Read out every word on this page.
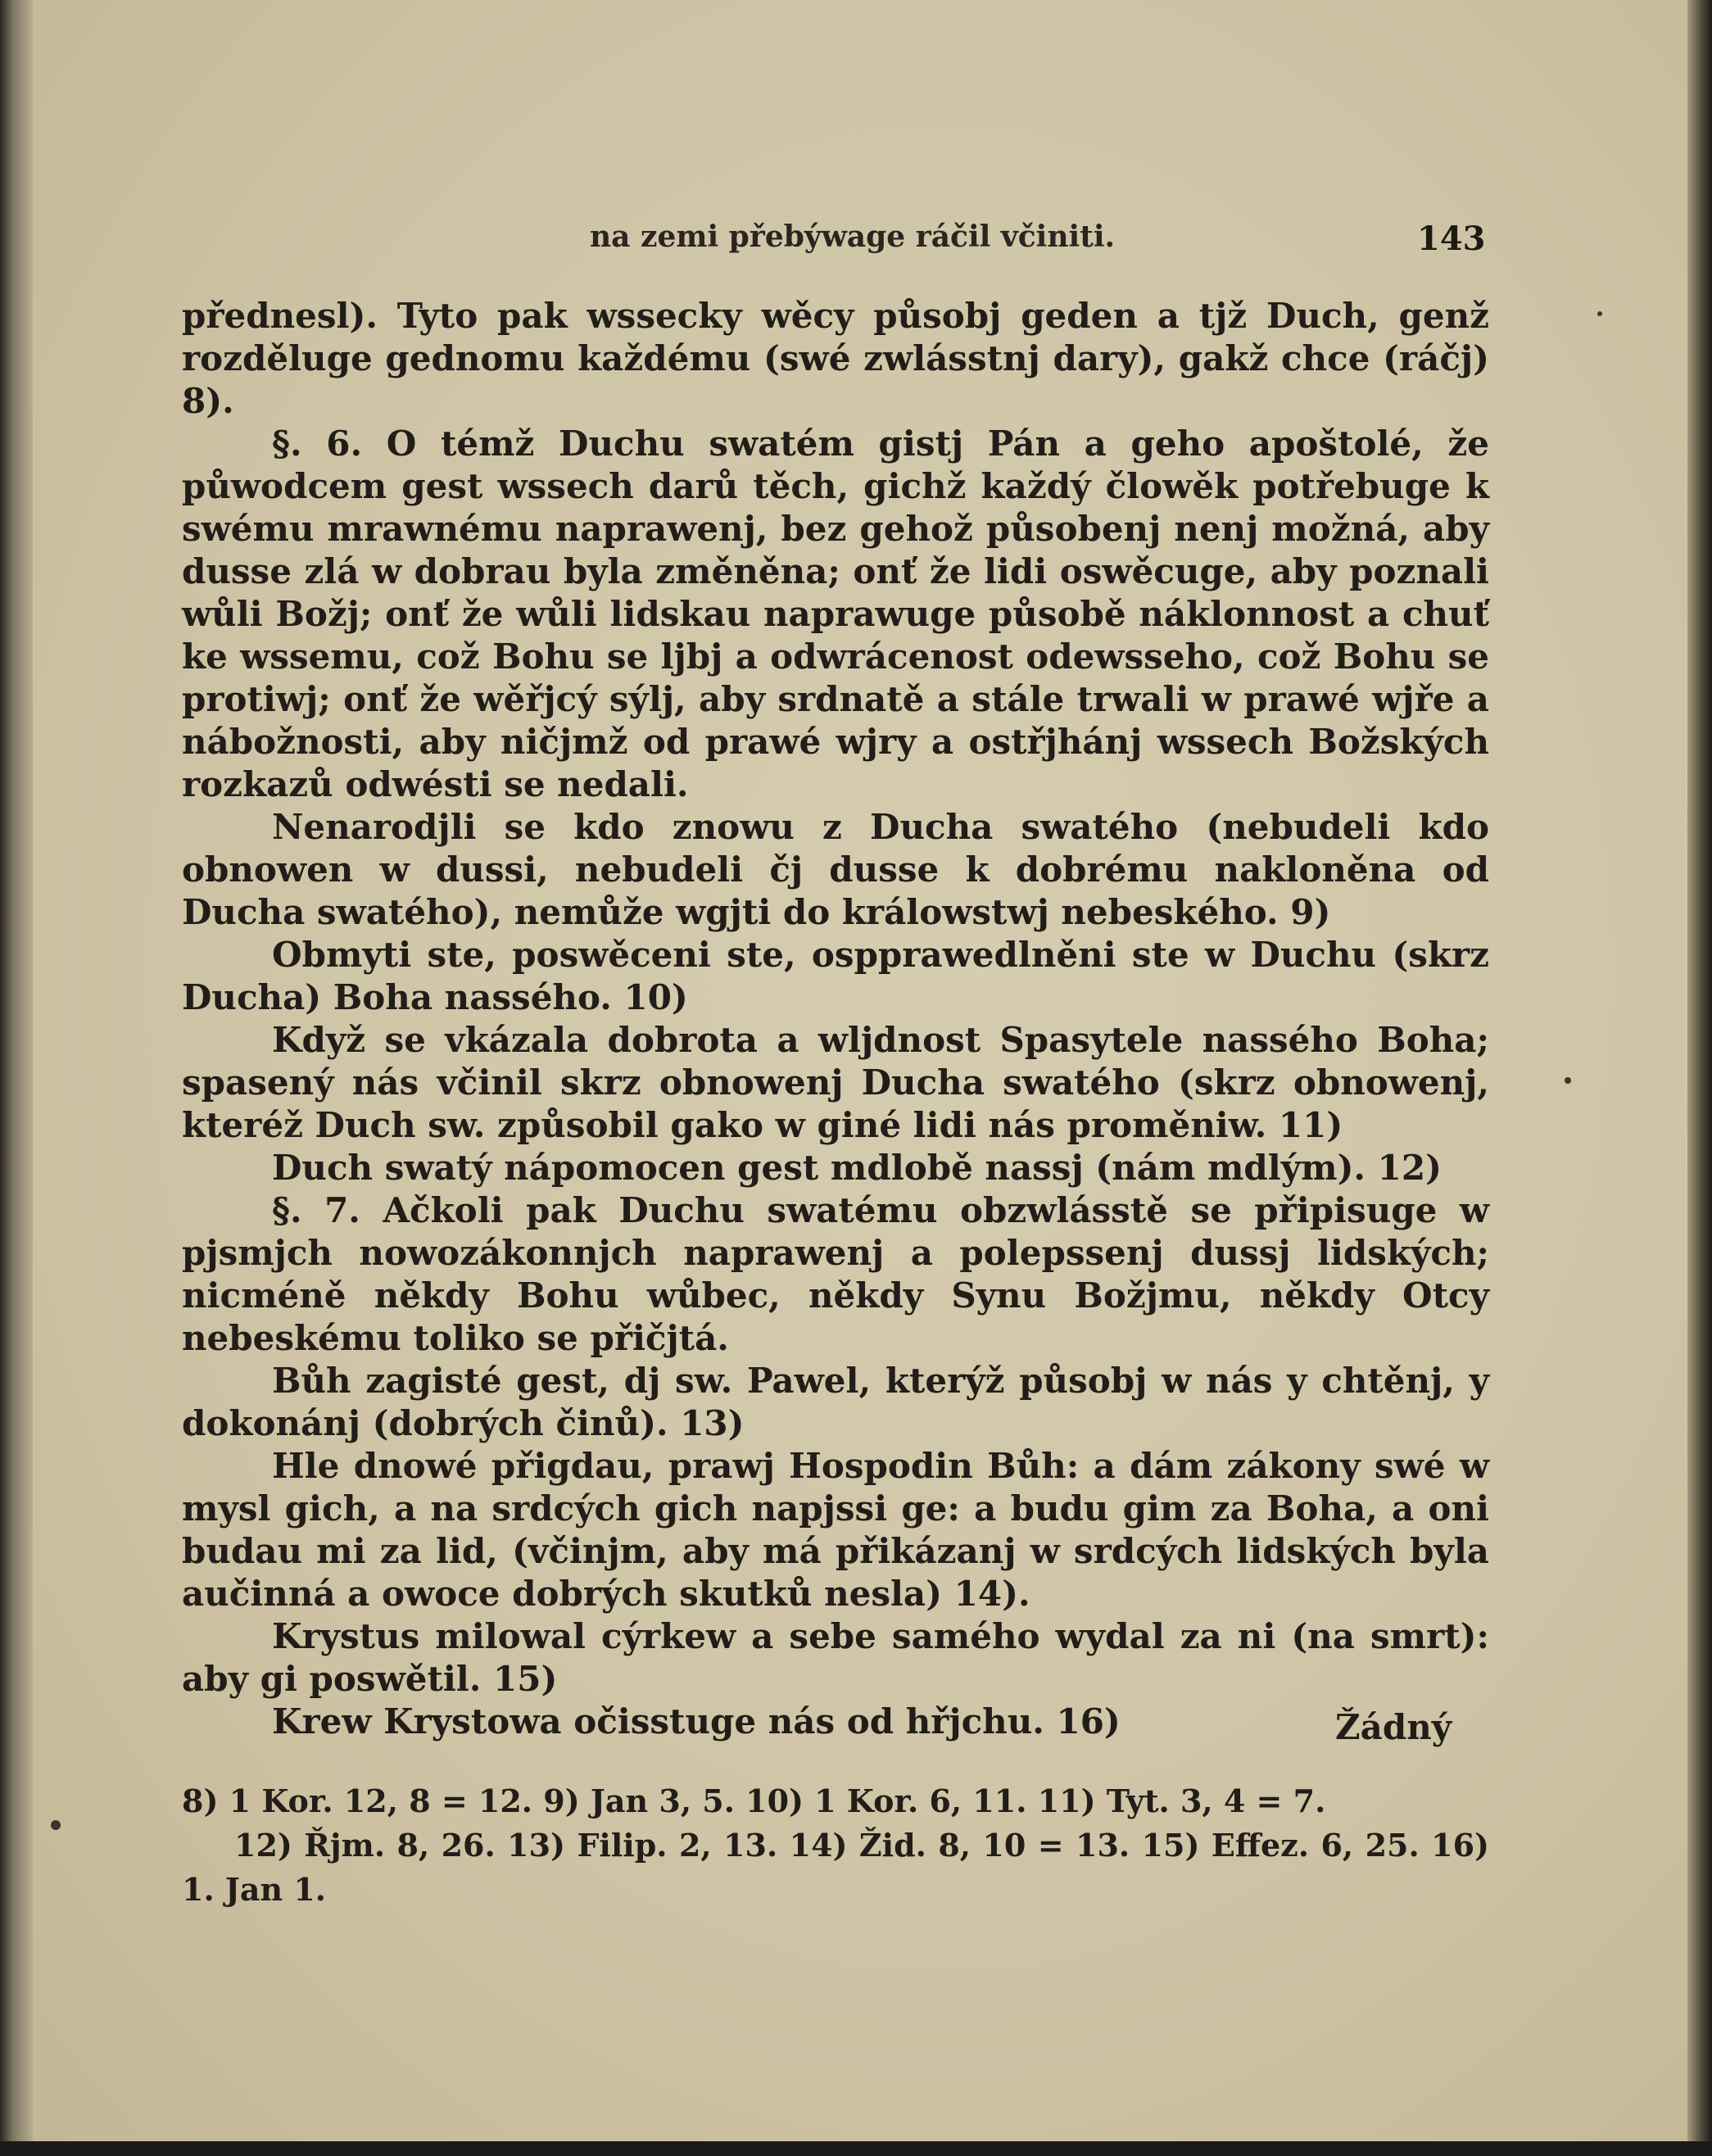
na zemi přebýwage ráčil včiniti.	143

přednesl). Tyto pak wssecky wěcy působj geden a tjž Duch, genž rozděluge gednomu každému (swé zwlásstnj dary), gakž chce (ráčj) 8).

§. 6. O témž Duchu swatém gistj Pán a geho apoštolé, že půwodcem gest wssech darů těch, gichž každý člowěk potřebuge k swému mrawnému naprawenj, bez gehož působenj nenj možná, aby dusse zlá w dobrau byla změněna; onť že lidi oswěcuge, aby poznali wůli Božj; onť že wůli lidskau naprawuge působě náklonnost a chuť ke wssemu, což Bohu se ljbj a odwrácenost odewsseho, což Bohu se protiwj; onť že wěřjcý sýlj, aby srdnatě a stále trwali w prawé wjře a nábožnosti, aby ničjmž od prawé wjry a ostřjhánj wssech Božských rozkazů odwésti se nedali.

Nenarodjli se kdo znowu z Ducha swatého (nebudeli kdo obnowen w dussi, nebudeli čj dusse k dobrému nakloněna od Ducha swatého), nemůže wgjti do králowstwj nebeského. 9)

Obmyti ste, poswěceni ste, ospprawedlněni ste w Duchu (skrz Ducha) Boha nassého. 10)

Když se vkázala dobrota a wljdnost Spasytele nassého Boha; spasený nás včinil skrz obnowenj Ducha swatého (skrz obnowenj, kteréž Duch sw. způsobil gako w giné lidi nás proměniw. 11)

Duch swatý nápomocen gest mdlobě nassj (nám mdlým). 12)

§. 7. Ačkoli pak Duchu swatému obzwlásstě se připisuge w pjsmjch nowozákonnjch naprawenj a polepssenj dussj lidských; nicméně někdy Bohu wůbec, někdy Synu Božjmu, někdy Otcy nebeskému toliko se přičjtá.

Bůh zagisté gest, dj sw. Pawel, kterýž působj w nás y chtěnj, y dokonánj (dobrých činů). 13)

Hle dnowé přigdau, prawj Hospodin Bůh: a dám zákony swé w mysl gich, a na srdcých gich napjssi ge: a budu gim za Boha, a oni budau mi za lid, (včinjm, aby má přikázanj w srdcých lidských byla aučinná a owoce dobrých skutků nesla) 14).

Krystus milowal cýrkew a sebe samého wydal za ni (na smrt): aby gi poswětil. 15)

Krew Krystowa očisstuge nás od hřjchu. 16)	Žádný

8) 1 Kor. 12, 8 = 12. 9) Jan 3, 5. 10) 1 Kor. 6, 11. 11) Tyt. 3, 4 = 7.

12) Řjm. 8, 26. 13) Filip. 2, 13. 14) Žid. 8, 10 = 13. 15) Effez. 6, 25. 16) 1. Jan 1.
